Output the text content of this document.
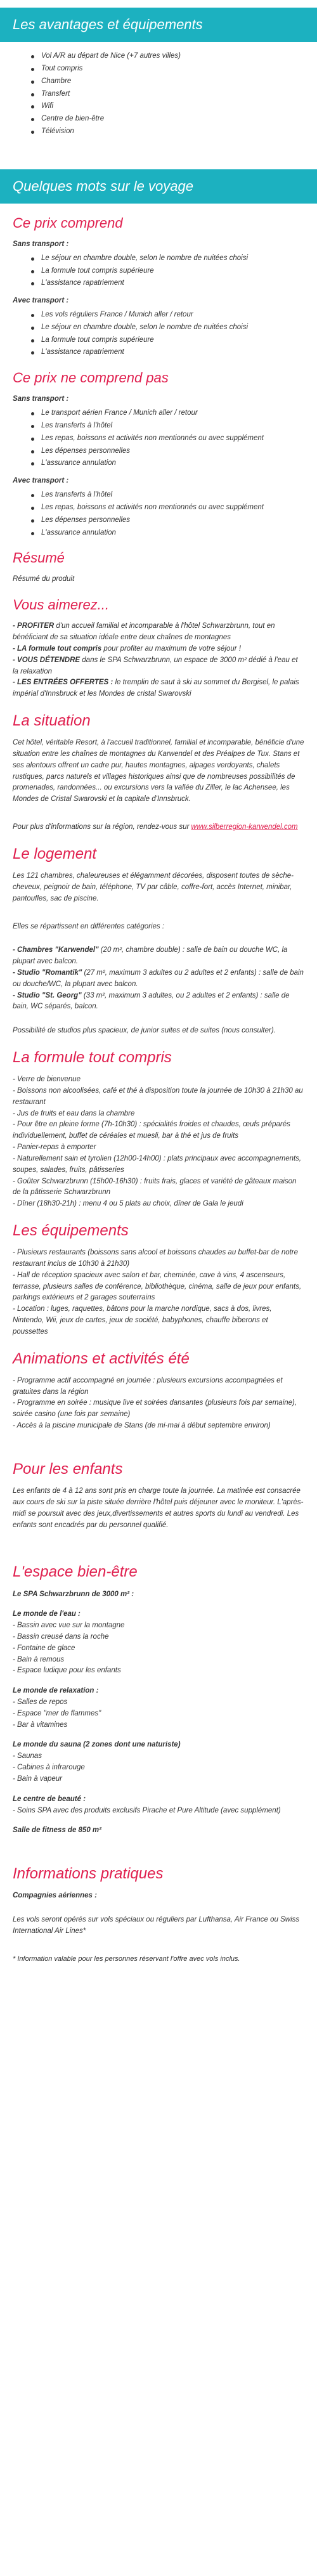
Les avantages et équipements
Vol A/R au départ de Nice (+7 autres villes)
Tout compris
Chambre
Transfert
Wifi
Centre de bien-être
Télévision
Quelques mots sur le voyage
Ce prix comprend
Sans transport :
Le séjour en chambre double, selon le nombre de nuitées choisi
La formule tout compris supérieure
L'assistance rapatriement
Avec transport :
Les vols réguliers France / Munich aller / retour
Le séjour en chambre double, selon le nombre de nuitées choisi
La formule tout compris supérieure
L'assistance rapatriement
Ce prix ne comprend pas
Sans transport :
Le transport aérien France / Munich aller / retour
Les transferts à l'hôtel
Les repas, boissons et activités non mentionnés ou avec supplément
Les dépenses personnelles
L'assurance annulation
Avec transport :
Les transferts à l'hôtel
Les repas, boissons et activités non mentionnés ou avec supplément
Les dépenses personnelles
L'assurance annulation
Résumé

Résumé du produit

Vous aimerez...
- PROFITER d'un accueil familial et incomparable à l'hôtel Schwarzbrunn, tout en bénéficiant de sa situation idéale entre deux chaînes de montagnes
- LA formule tout compris pour profiter au maximum de votre séjour !
- VOUS DÉTENDRE dans le SPA Schwarzbrunn, un espace de 3000 m² dédié à l'eau et la relaxation
- LES ENTRÉES OFFERTES : le tremplin de saut à ski au sommet du Bergisel, le palais impérial d'Innsbruck et les Mondes de cristal Swarovski
La situation

Cet hôtel, véritable Resort, à l'accueil traditionnel, familial et incomparable, bénéficie d'une situation entre les chaînes de montagnes du Karwendel et des Préalpes de Tux. Stans et ses alentours offrent un cadre pur, hautes montagnes, alpages verdoyants, chalets rustiques, parcs naturels et villages historiques ainsi que de nombreuses possibilités de promenades, randonnées... ou excursions vers la vallée du Ziller, le lac Achensee, les Mondes de Cristal Swarovski et la capitale d'Innsbruck.

Pour plus d'informations sur la région, rendez-vous sur www.silberregion-karwendel.com

Le logement

Les 121 chambres, chaleureuses et élégamment décorées, disposent toutes de sèche-cheveux, peignoir de bain, téléphone, TV par câble, coffre-fort, accès Internet, minibar, pantoufles, sac de piscine.

Elles se répartissent en différentes catégories :

- Chambres "Karwendel" (20 m², chambre double) : salle de bain ou douche WC, la plupart avec balcon.
- Studio "Romantik" (27 m², maximum 3 adultes ou 2 adultes et 2 enfants) : salle de bain ou douche/WC, la plupart avec balcon.
- Studio "St. Georg" (33 m², maximum 3 adultes, ou 2 adultes et 2 enfants) : salle de bain, WC séparés, balcon.

Possibilité de studios plus spacieux, de junior suites et de suites (nous consulter).

La formule tout compris
- Verre de bienvenue
- Boissons non alcoolisées, café et thé à disposition toute la journée de 10h30 à 21h30 au restaurant
- Jus de fruits et eau dans la chambre
- Pour être en pleine forme (7h-10h30) : spécialités froides et chaudes, œufs préparés individuellement, buffet de céréales et muesli, bar à thé et jus de fruits
- Panier-repas à emporter
- Naturellement sain et tyrolien (12h00-14h00) : plats principaux avec accompagnements, soupes, salades, fruits, pâtisseries
- Goûter Schwarzbrunn (15h00-16h30) : fruits frais, glaces et variété de gâteaux maison de la pâtisserie Schwarzbrunn
- Dîner (18h30-21h) : menu 4 ou 5 plats au choix, dîner de Gala le jeudi
Les équipements
- Plusieurs restaurants (boissons sans alcool et boissons chaudes au buffet-bar de notre restaurant inclus de 10h30 à 21h30)
- Hall de réception spacieux avec salon et bar, cheminée, cave à vins, 4 ascenseurs, terrasse, plusieurs salles de conférence, bibliothèque, cinéma, salle de jeux pour enfants, parkings extérieurs et 2 garages souterrains
- Location : luges, raquettes, bâtons pour la marche nordique, sacs à dos, livres, Nintendo, Wii, jeux de cartes, jeux de société, babyphones, chauffe biberons et poussettes
Animations et activités été
- Programme actif accompagné en journée : plusieurs excursions accompagnées et gratuites dans la région
- Programme en soirée : musique live et soirées dansantes (plusieurs fois par semaine), soirée casino (une fois par semaine)
- Accès à la piscine municipale de Stans (de mi-mai à début septembre environ)
Pour les enfants

Les enfants de 4 à 12 ans sont pris en charge toute la journée. La matinée est consacrée aux cours de ski sur la piste située derrière l'hôtel puis déjeuner avec le moniteur. L'après-midi se poursuit avec des jeux,divertissements et autres sports du lundi au vendredi. Les enfants sont encadrés par du personnel qualifié.

L'espace bien-être
Le SPA Schwarzbrunn de 3000 m² :
Le monde de l'eau :
- Bassin avec vue sur la montagne
- Bassin creusé dans la roche
- Fontaine de glace
- Bain à remous
- Espace ludique pour les enfants
Le monde de relaxation :
- Salles de repos
- Espace "mer de flammes"
- Bar à vitamines
Le monde du sauna (2 zones dont une naturiste)
- Saunas
- Cabines à infrarouge
- Bain à vapeur
Le centre de beauté :
- Soins SPA avec des produits exclusifs Pirache et Pure Altitude (avec supplément)
Salle de fitness de 850 m²
Informations pratiques
Compagnies aériennes :

Les vols seront opérés sur vols spéciaux ou réguliers par Lufthansa, Air France ou Swiss International Air Lines*

* Information valable pour les personnes réservant l'offre avec vols inclus.
